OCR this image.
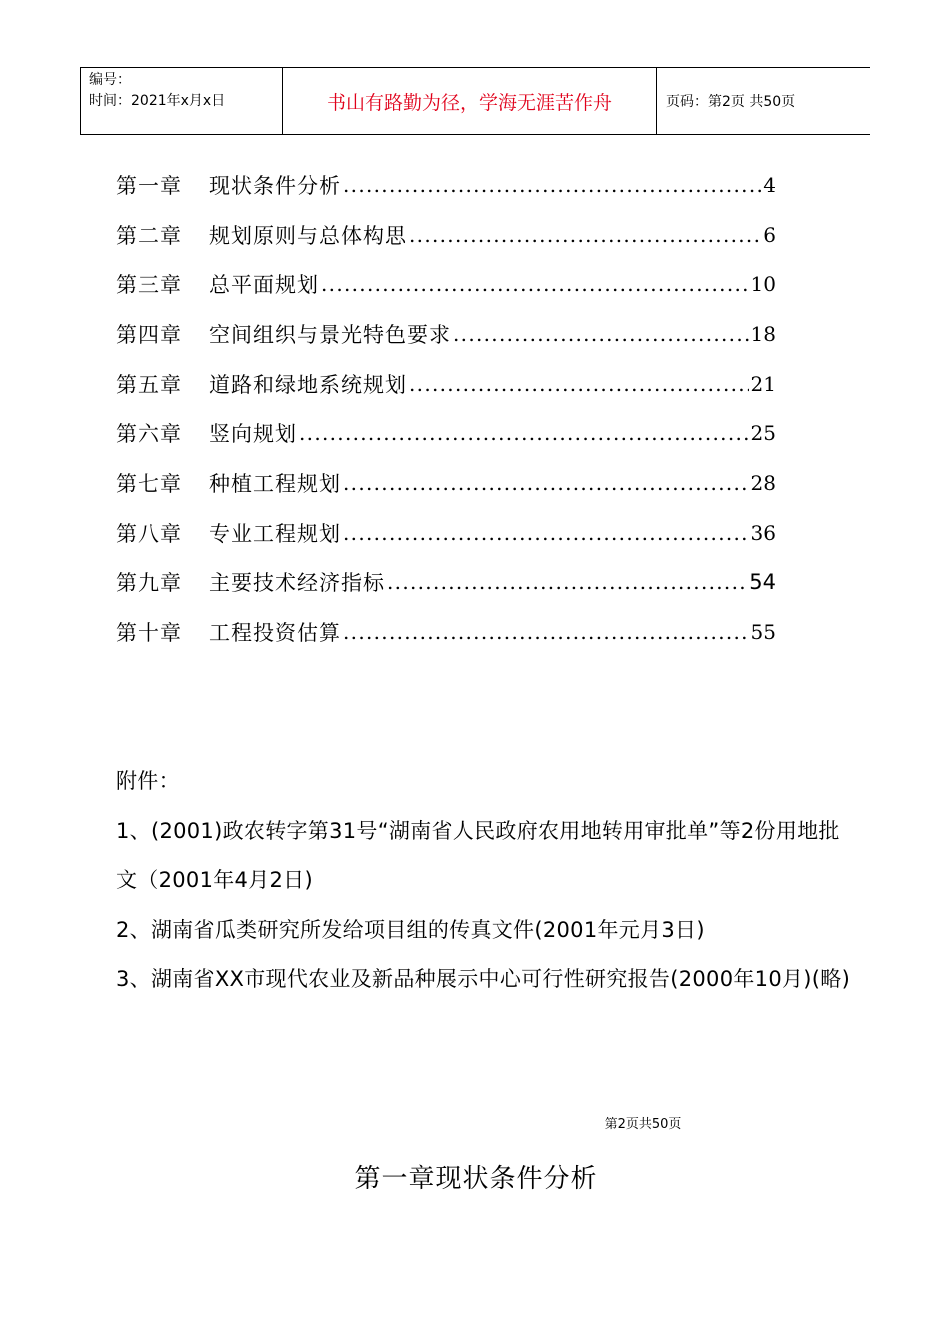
编号：
时间：2021年x月x日	书山有路勤为径，学海无涯苦作舟	页码：第2页 共50页
第一章	现状条件分析 .....	4
第二章	规划原则与总体构思 .....	6
第三章	总平面规划 .....	10
第四章	空间组织与景光特色要求 .....	18
第五章	道路和绿地系统规划 .....	21
第六章	竖向规划 .....	25
第七章	种植工程规划 .....	28
第八章	专业工程规划 .....	36
第九章	主要技术经济指标 .....	54
第十章	工程投资估算 .....	55

附件：

1、(2001)政农转字第31号“湖南省人民政府农用地转用审批单”等2份用地批文（2001年4月2日)

2、湖南省瓜类研究所发给项目组的传真文件(2001年元月3日)

3、湖南省XX市现代农业及新品种展示中心可行性研究报告(2000年10月)(略)

第2页共50页
第一章现状条件分析
